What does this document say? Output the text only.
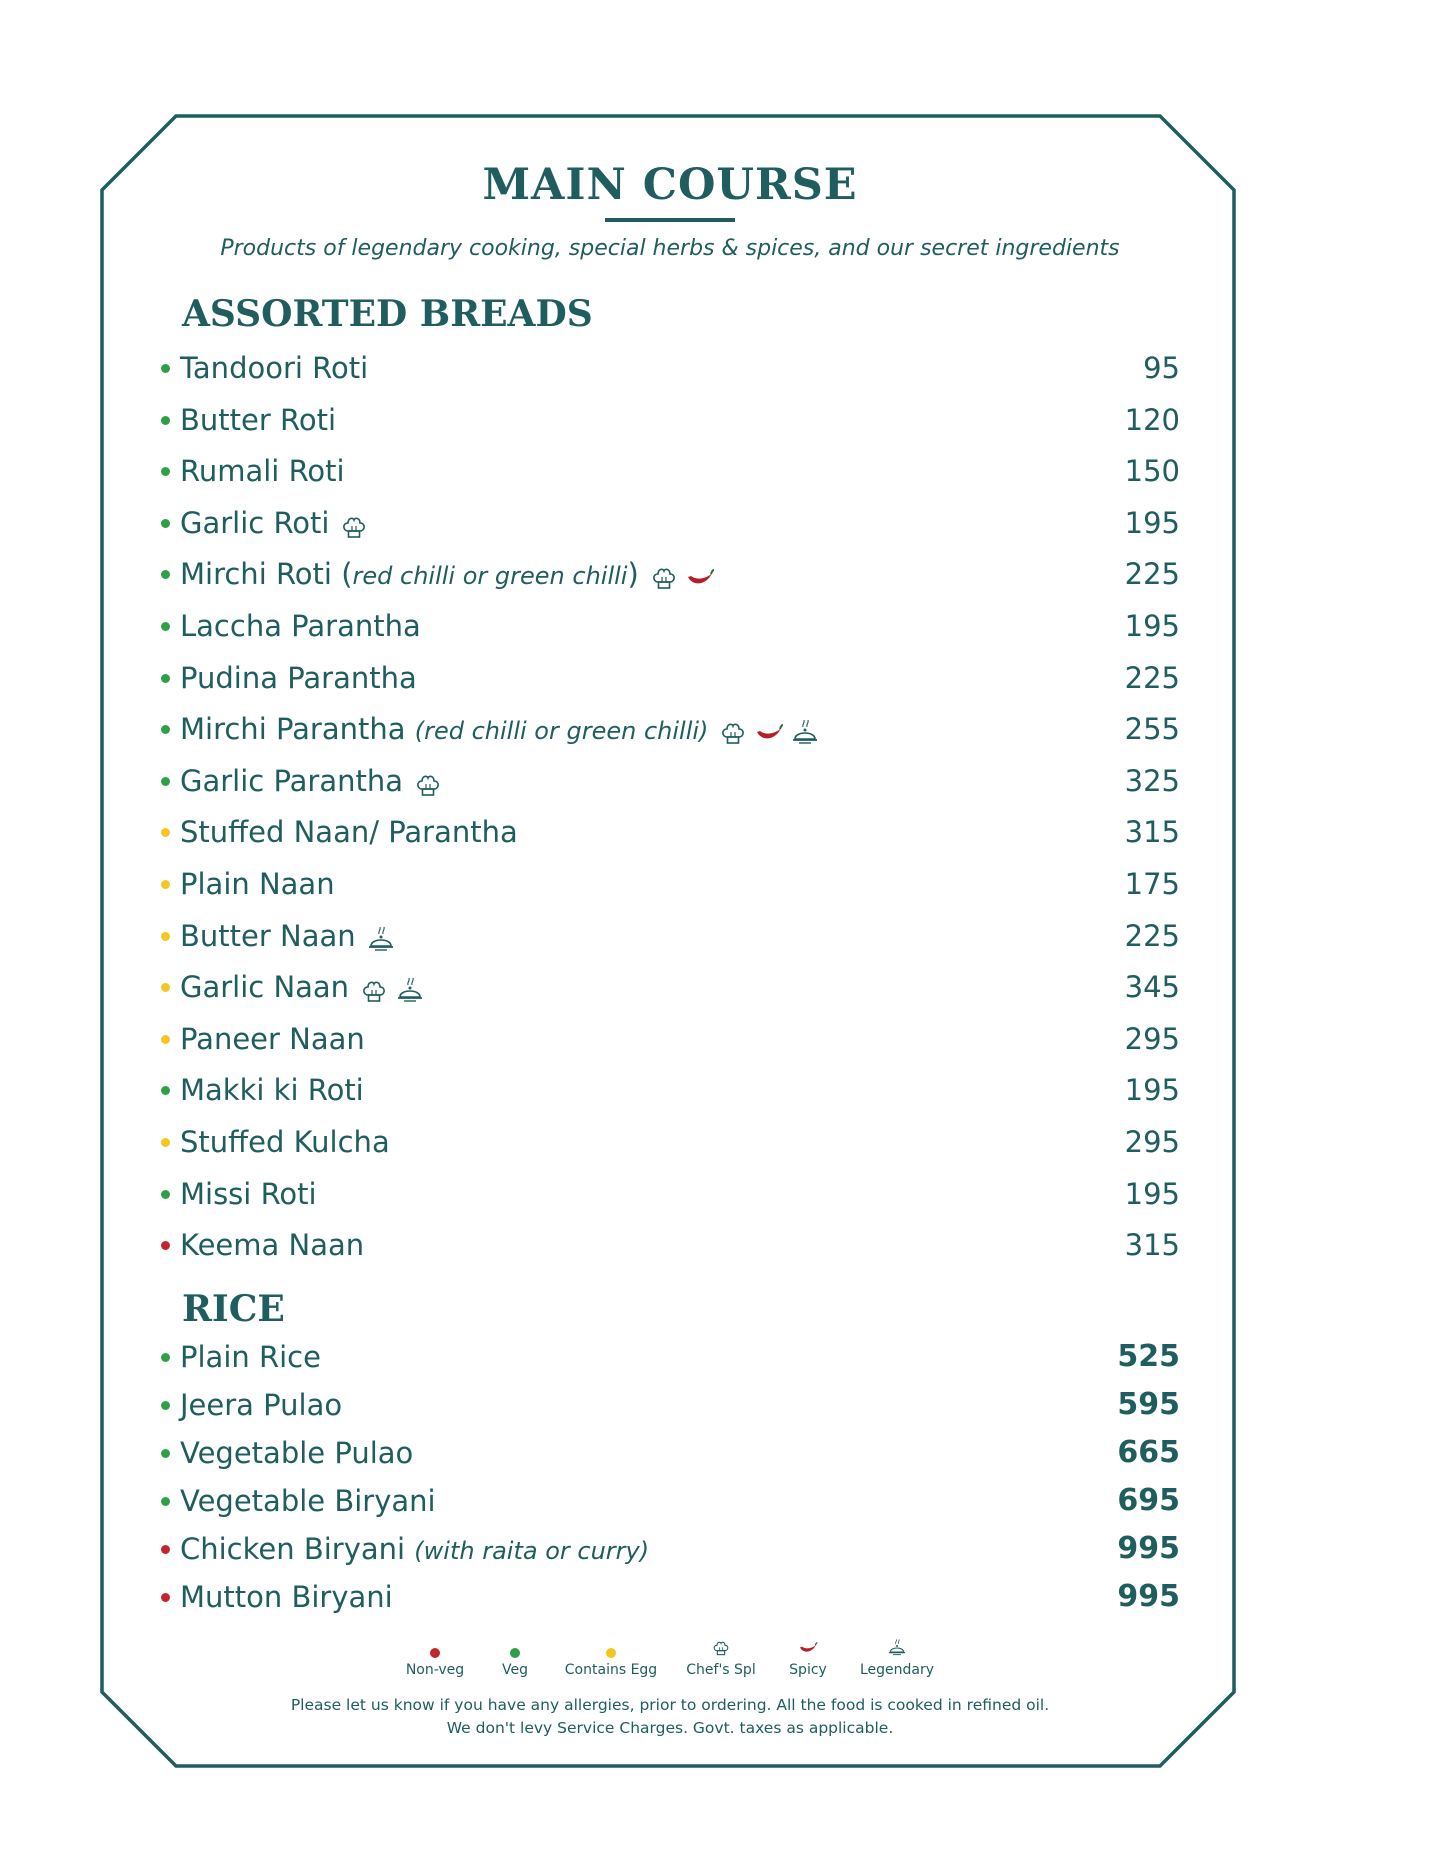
MAIN COURSE
Products of legendary cooking, special herbs & spices, and our secret ingredients
ASSORTED BREADS
Tandoori Roti	95
Butter Roti	120
Rumali Roti	150
Garlic Roti	195
Mirchi Roti (red chilli or green chilli)	225
Laccha Parantha	195
Pudina Parantha	225
Mirchi Parantha (red chilli or green chilli)	255
Garlic Parantha	325
Stuffed Naan/ Parantha	315
Plain Naan	175
Butter Naan	225
Garlic Naan	345
Paneer Naan	295
Makki ki Roti	195
Stuffed Kulcha	295
Missi Roti	195
Keema Naan	315
RICE
Plain Rice	525
Jeera Pulao	595
Vegetable Pulao	665
Vegetable Biryani	695
Chicken Biryani (with raita or curry)	995
Mutton Biryani	995
Non-veg	Veg	Contains Egg	Chef's Spl	Spicy	Legendary
Please let us know if you have any allergies, prior to ordering. All the food is cooked in refined oil.
We don't levy Service Charges. Govt. taxes as applicable.
